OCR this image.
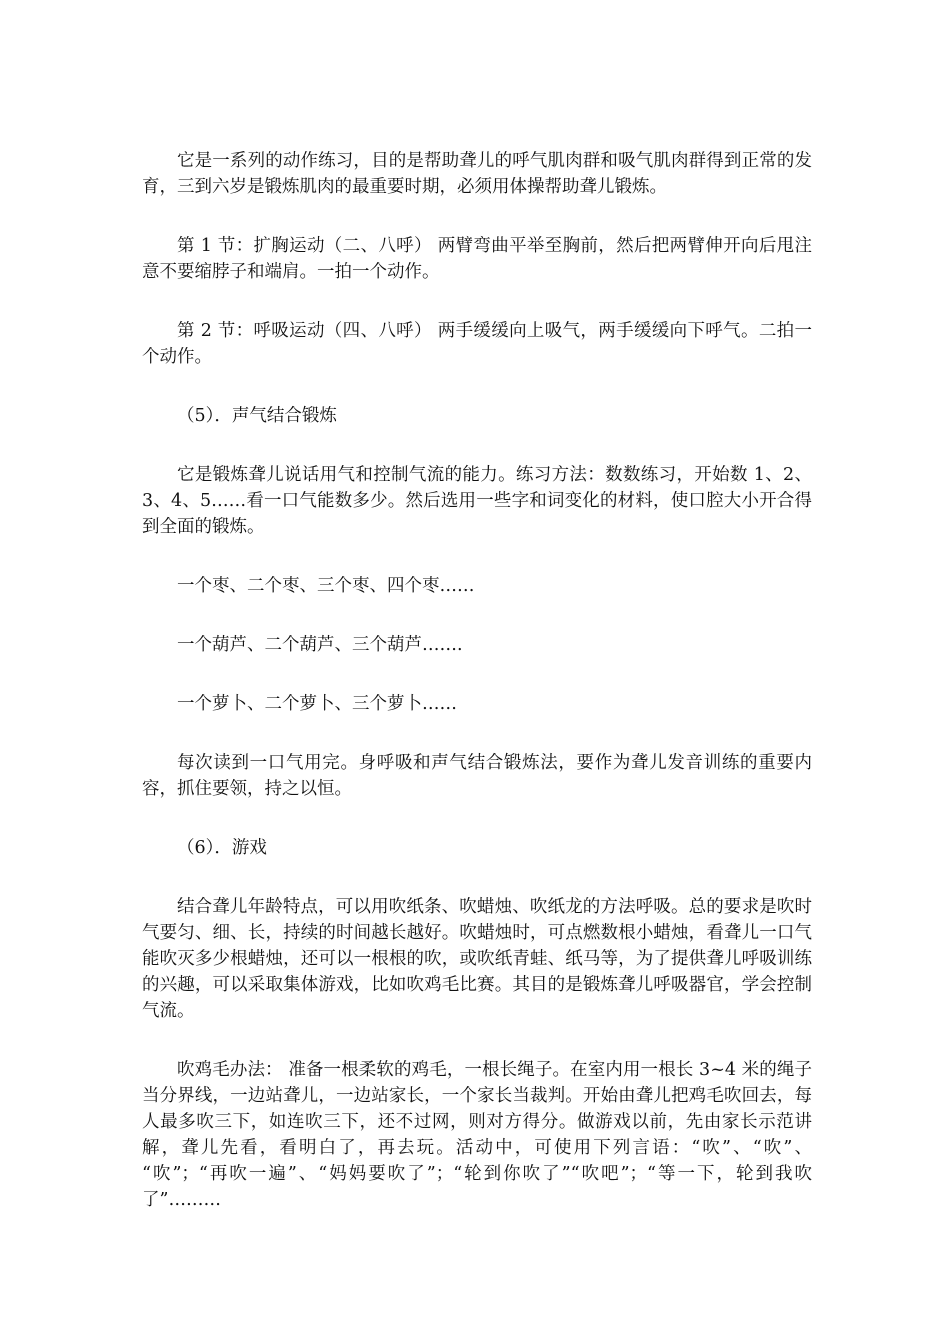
它是一系列的动作练习，目的是帮助聋儿的呼气肌肉群和吸气肌肉群得到正常的发育，三到六岁是锻炼肌肉的最重要时期，必须用体操帮助聋儿锻炼。

第 1 节：扩胸运动（二、八呼） 两臂弯曲平举至胸前，然后把两臂伸开向后甩注意不要缩脖子和端肩。一拍一个动作。

第 2 节：呼吸运动（四、八呼） 两手缓缓向上吸气，两手缓缓向下呼气。二拍一个动作。

（5）．声气结合锻炼

它是锻炼聋儿说话用气和控制气流的能力。练习方法：数数练习，开始数 1、2、3、4、5……看一口气能数多少。然后选用一些字和词变化的材料，使口腔大小开合得到全面的锻炼。

一个枣、二个枣、三个枣、四个枣……

一个葫芦、二个葫芦、三个葫芦…….

一个萝卜、二个萝卜、三个萝卜……

每次读到一口气用完。身呼吸和声气结合锻炼法，要作为聋儿发音训练的重要内容，抓住要领，持之以恒。

（6）．游戏

结合聋儿年龄特点，可以用吹纸条、吹蜡烛、吹纸龙的方法呼吸。总的要求是吹时气要匀、细、长，持续的时间越长越好。吹蜡烛时，可点燃数根小蜡烛，看聋儿一口气能吹灭多少根蜡烛，还可以一根根的吹，或吹纸青蛙、纸马等，为了提供聋儿呼吸训练的兴趣，可以采取集体游戏，比如吹鸡毛比赛。其目的是锻炼聋儿呼吸器官，学会控制气流。

吹鸡毛办法： 准备一根柔软的鸡毛，一根长绳子。在室内用一根长 3~4 米的绳子当分界线，一边站聋儿，一边站家长，一个家长当裁判。开始由聋儿把鸡毛吹回去，每人最多吹三下，如连吹三下，还不过网，则对方得分。做游戏以前，先由家长示范讲解，聋儿先看，看明白了，再去玩。活动中，可使用下列言语：“吹”、“吹”、 “吹”；“再吹一遍”、“妈妈要吹了”；“轮到你吹了”“吹吧”；“等一下，轮到我吹了”………
